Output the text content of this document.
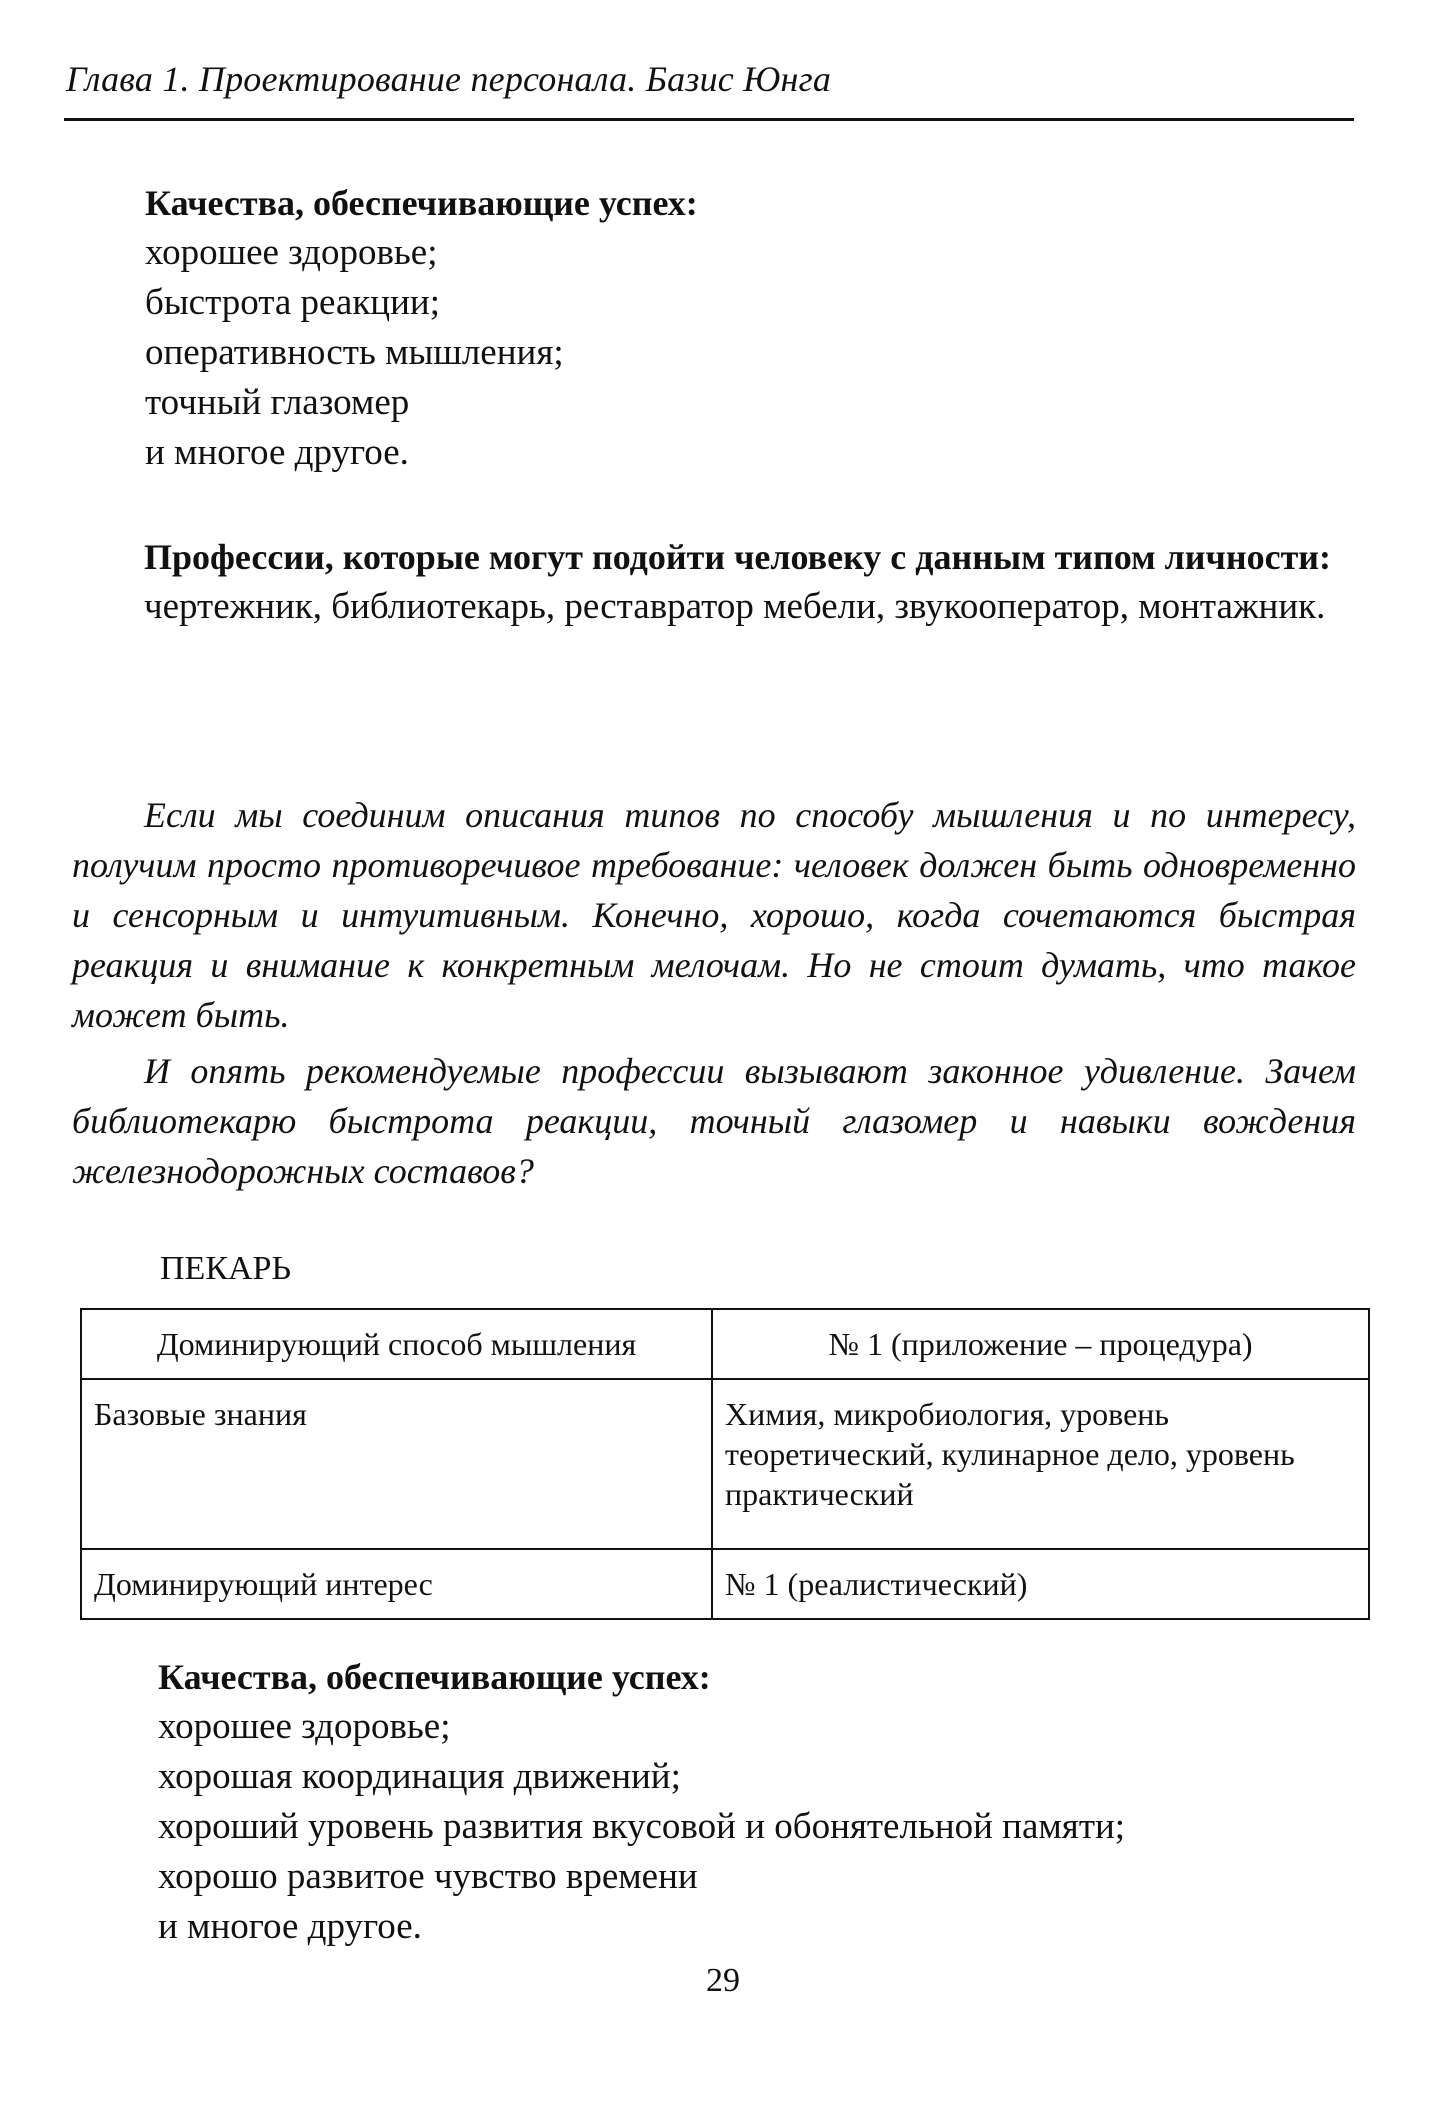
Глава 1. Проектирование персонала. Базис Юнга

Качества, обеспечивающие успех:

хорошее здоровье;

быстрота реакции;

оперативность мышления;

точный глазомер

и многое другое.

Профессии, которые могут подойти человеку с данным типом личности:

чертежник, библиотекарь, реставратор мебели, звукооператор, монтажник.

Если мы соединим описания типов по способу мышления и по интересу, получим просто противоречивое требование: человек должен быть одновременно и сенсорным и интуитивным. Конечно, хорошо, когда сочетаются быстрая реакция и внимание к конкретным мелочам. Но не стоит думать, что такое может быть.

И опять рекомендуемые профессии вызывают законное удивление. Зачем библиотекарю быстрота реакции, точный глазомер и навыки вождения железнодорожных составов?

ПЕКАРЬ
Доминирующий способ мышления	№ 1 (приложение – процедура)
Базовые знания	Химия, микробиология, уровень теоретический, кулинарное дело, уровень практический
Доминирующий интерес	№ 1 (реалистический)

Качества, обеспечивающие успех:

хорошее здоровье;

хорошая координация движений;

хороший уровень развития вкусовой и обонятельной памяти;

хорошо развитое чувство времени

и многое другое.

29
